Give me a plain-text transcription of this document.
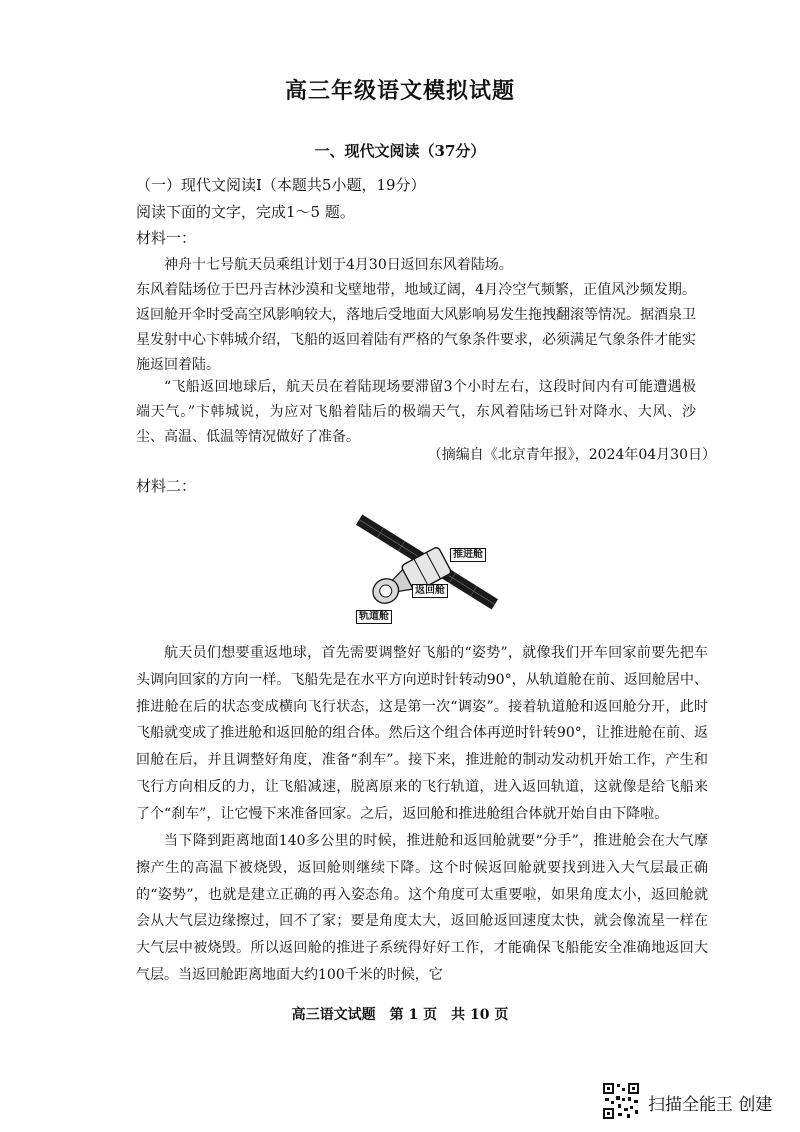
高三年级语文模拟试题
一、现代文阅读（37分）
（一）现代文阅读Ⅰ（本题共5小题，19分）
阅读下面的文字，完成1～5 题。
材料一：
神舟十七号航天员乘组计划于4月30日返回东风着陆场。
东风着陆场位于巴丹吉林沙漠和戈壁地带，地域辽阔，4月冷空气频繁，正值风沙频发期。返回舱开伞时受高空风影响较大，落地后受地面大风影响易发生拖拽翻滚等情况。据酒泉卫星发射中心卞韩城介绍，飞船的返回着陆有严格的气象条件要求，必须满足气象条件才能实施返回着陆。
“飞船返回地球后，航天员在着陆现场要滞留3个小时左右，这段时间内有可能遭遇极端天气。”卞韩城说，为应对飞船着陆后的极端天气，东风着陆场已针对降水、大风、沙尘、高温、低温等情况做好了准备。
（摘编自《北京青年报》，2024年04月30日）
材料二：
推进舱
返回舱
轨道舱
航天员们想要重返地球，首先需要调整好飞船的“姿势”，就像我们开车回家前要先把车头调向回家的方向一样。飞船先是在水平方向逆时针转动90°，从轨道舱在前、返回舱居中、推进舱在后的状态变成横向飞行状态，这是第一次“调姿”。接着轨道舱和返回舱分开，此时飞船就变成了推进舱和返回舱的组合体。然后这个组合体再逆时针转90°，让推进舱在前、返回舱在后，并且调整好角度，准备“刹车”。接下来，推进舱的制动发动机开始工作，产生和飞行方向相反的力，让飞船减速，脱离原来的飞行轨道，进入返回轨道，这就像是给飞船来了个“刹车”，让它慢下来准备回家。之后，返回舱和推进舱组合体就开始自由下降啦。
当下降到距离地面140多公里的时候，推进舱和返回舱就要“分手”，推进舱会在大气摩擦产生的高温下被烧毁，返回舱则继续下降。这个时候返回舱就要找到进入大气层最正确的“姿势”，也就是建立正确的再入姿态角。这个角度可太重要啦，如果角度太小，返回舱就会从大气层边缘擦过，回不了家；要是角度太大，返回舱返回速度太快，就会像流星一样在大气层中被烧毁。所以返回舱的推进子系统得好好工作，才能确保飞船能安全准确地返回大气层。当返回舱距离地面大约100千米的时候，它
高三语文试题　第 1 页　共 10 页
扫描全能王 创建
